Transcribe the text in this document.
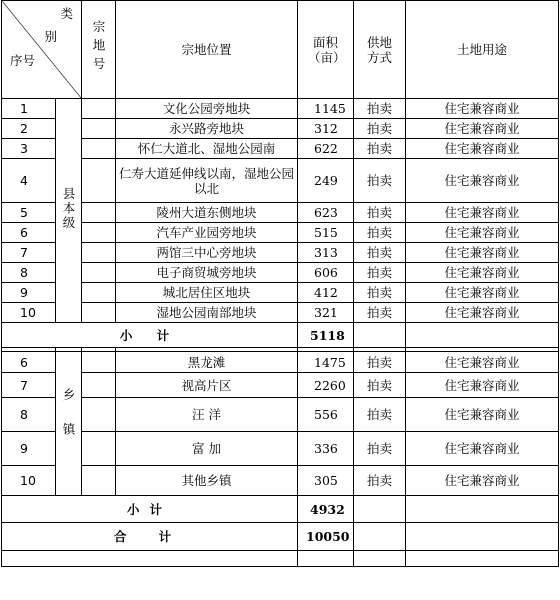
类
别
序号		宗地号	宗地位置	面积（亩）	供地方式	土地用途
1	县本级		文化公园旁地块	1145	拍卖	住宅兼容商业
2			永兴路旁地块	312	拍卖	住宅兼容商业
3			怀仁大道北、湿地公园南	622	拍卖	住宅兼容商业
4			仁寿大道延伸线以南，湿地公园以北	249	拍卖	住宅兼容商业
5			陵州大道东侧地块	623	拍卖	住宅兼容商业
6			汽车产业园旁地块	515	拍卖	住宅兼容商业
7			两馆三中心旁地块	313	拍卖	住宅兼容商业
8			电子商贸城旁地块	606	拍卖	住宅兼容商业
9			城北居住区地块	412	拍卖	住宅兼容商业
10			湿地公园南部地块	321	拍卖	住宅兼容商业
小 计				5118		

6	乡镇		黑龙滩	1475	拍卖	住宅兼容商业
7			视高片区	2260	拍卖	住宅兼容商业
8			汪 洋	556	拍卖	住宅兼容商业
9			富 加	336	拍卖	住宅兼容商业
10			其他乡镇	305	拍卖	住宅兼容商业
小计				4932		
合 计				10050		
